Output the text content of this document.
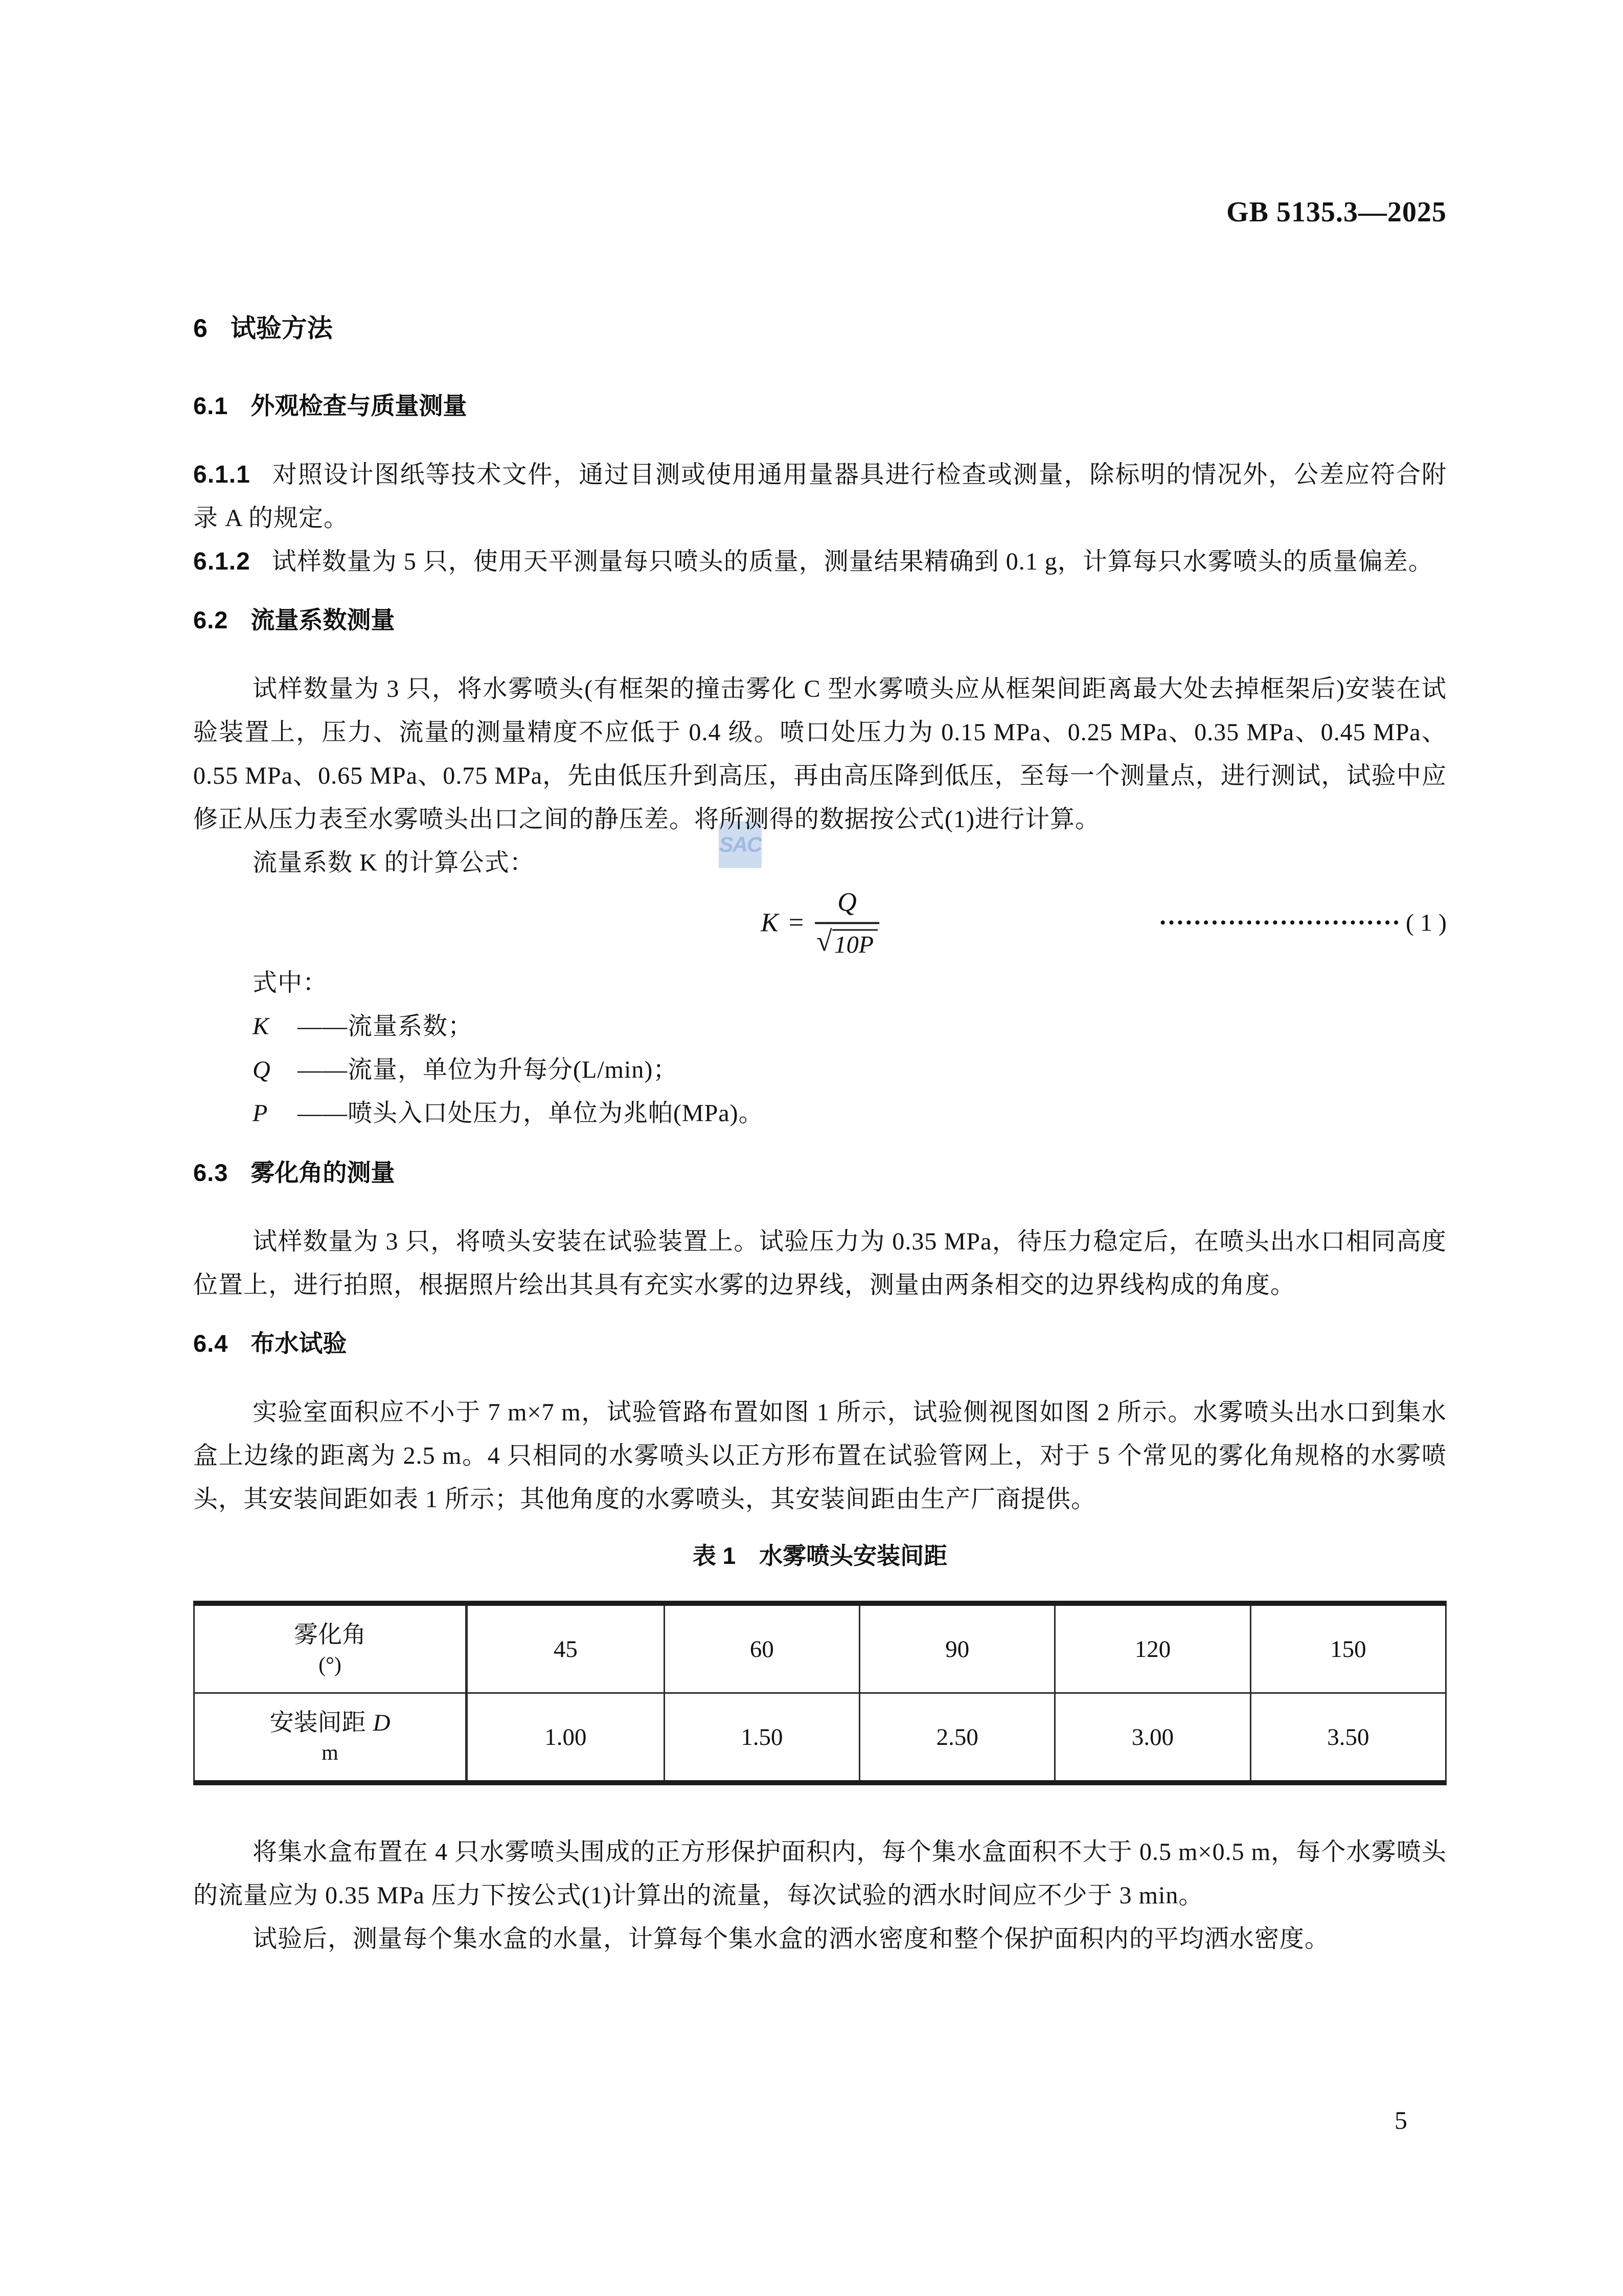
SAC
GB 5135.3—2025
6 试验方法
6.1 外观检查与质量测量

6.1.1 对照设计图纸等技术文件，通过目测或使用通用量器具进行检查或测量，除标明的情况外，公差应符合附录 A 的规定。

6.1.2 试样数量为 5 只，使用天平测量每只喷头的质量，测量结果精确到 0.1 g，计算每只水雾喷头的质量偏差。

6.2 流量系数测量

试样数量为 3 只，将水雾喷头(有框架的撞击雾化 C 型水雾喷头应从框架间距离最大处去掉框架后)安装在试验装置上，压力、流量的测量精度不应低于 0.4 级。喷口处压力为 0.15 MPa、0.25 MPa、0.35 MPa、0.45 MPa、0.55 MPa、0.65 MPa、0.75 MPa，先由低压升到高压，再由高压降到低压，至每一个测量点，进行测试，试验中应修正从压力表至水雾喷头出口之间的静压差。将所测得的数据按公式(1)进行计算。

流量系数 K 的计算公式：

$K = \frac{Q}{√ 10P}$	•••••••••••••••••••••••••••• ( 1 )

式中：

K ——流量系数；
Q ——流量，单位为升每分(L/min)；
P ——喷头入口处压力，单位为兆帕(MPa)。
6.3 雾化角的测量

试样数量为 3 只，将喷头安装在试验装置上。试验压力为 0.35 MPa，待压力稳定后，在喷头出水口相同高度位置上，进行拍照，根据照片绘出其具有充实水雾的边界线，测量由两条相交的边界线构成的角度。

6.4 布水试验

实验室面积应不小于 7 m×7 m，试验管路布置如图 1 所示，试验侧视图如图 2 所示。水雾喷头出水口到集水盒上边缘的距离为 2.5 m。4 只相同的水雾喷头以正方形布置在试验管网上，对于 5 个常见的雾化角规格的水雾喷头，其安装间距如表 1 所示；其他角度的水雾喷头，其安装间距由生产厂商提供。

表 1　水雾喷头安装间距
雾化角
(°)	45	60	90	120	150

安装间距 D
m	1.00	1.50	2.50	3.00	3.50

将集水盒布置在 4 只水雾喷头围成的正方形保护面积内，每个集水盒面积不大于 0.5 m×0.5 m，每个水雾喷头的流量应为 0.35 MPa 压力下按公式(1)计算出的流量，每次试验的洒水时间应不少于 3 min。

试验后，测量每个集水盒的水量，计算每个集水盒的洒水密度和整个保护面积内的平均洒水密度。

5
